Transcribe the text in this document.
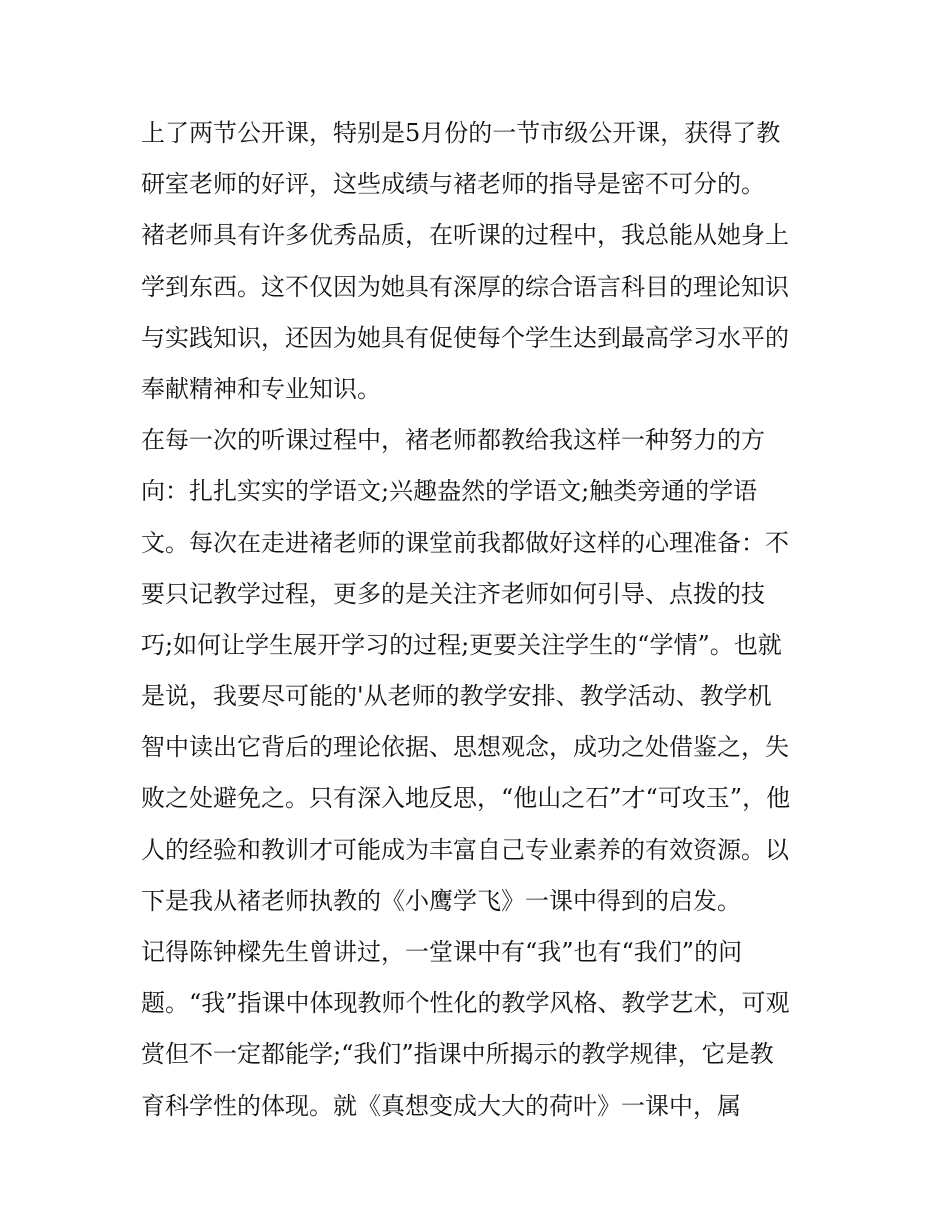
上了两节公开课，特别是5月份的一节市级公开课，获得了教
研室老师的好评，这些成绩与褚老师的指导是密不可分的。
褚老师具有许多优秀品质，在听课的过程中，我总能从她身上
学到东西。这不仅因为她具有深厚的综合语言科目的理论知识
与实践知识，还因为她具有促使每个学生达到最高学习水平的
奉献精神和专业知识。
在每一次的听课过程中，褚老师都教给我这样一种努力的方
向：扎扎实实的学语文;兴趣盎然的学语文;触类旁通的学语
文。每次在走进褚老师的课堂前我都做好这样的心理准备：不
要只记教学过程，更多的是关注齐老师如何引导、点拨的技
巧;如何让学生展开学习的过程;更要关注学生的“学情”。也就
是说，我要尽可能的'从老师的教学安排、教学活动、教学机
智中读出它背后的理论依据、思想观念，成功之处借鉴之，失
败之处避免之。只有深入地反思，“他山之石”才“可攻玉”，他
人的经验和教训才可能成为丰富自己专业素养的有效资源。以
下是我从褚老师执教的《小鹰学飞》一课中得到的启发。
记得陈钟樑先生曾讲过，一堂课中有“我”也有“我们”的问
题。“我”指课中体现教师个性化的教学风格、教学艺术，可观
赏但不一定都能学;“我们”指课中所揭示的教学规律，它是教
育科学性的体现。就《真想变成大大的荷叶》一课中，属
